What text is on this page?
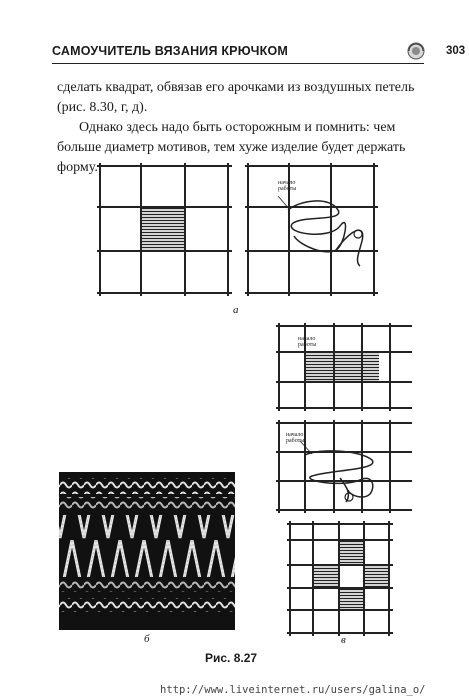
САМОУЧИТЕЛЬ ВЯЗАНИЯ КРЮЧКОМ	303

сделать квадрат, обвязав его арочками из воздушных петель (рис. 8.30, г, д).

Однако здесь надо быть осторожным и помнить: чем больше диаметр мотивов, тем хуже изделие будет держать форму.

начало работы
начало работы
начало работы
а
б	в
Рис. 8.27
http://www.liveinternet.ru/users/galina_o/
